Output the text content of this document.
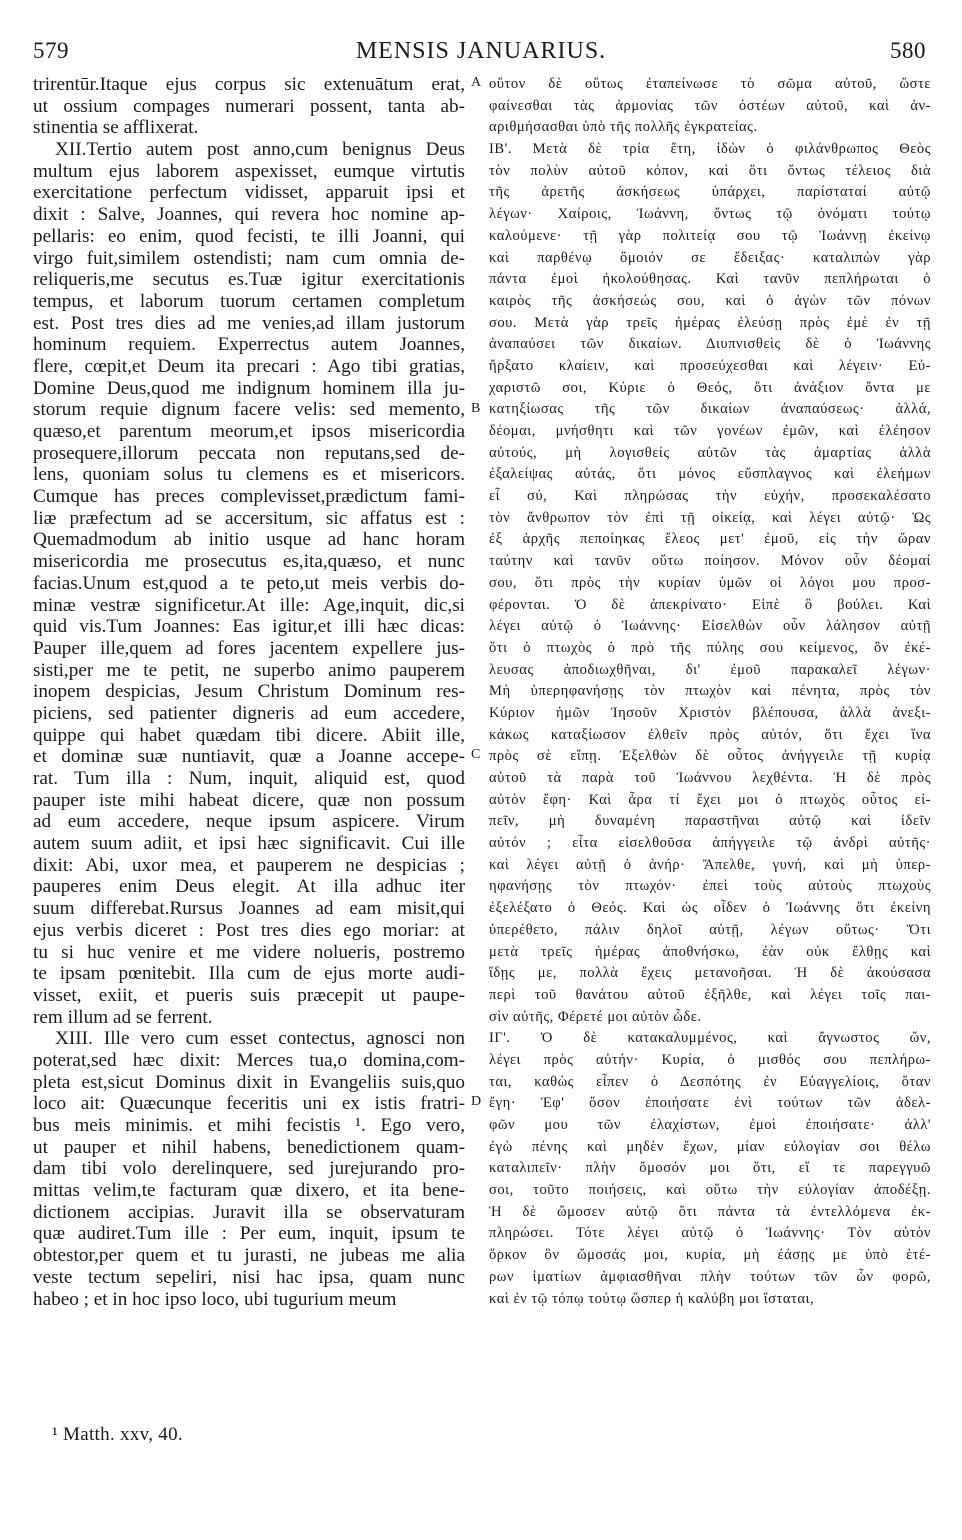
579	MENSIS JANUARIUS.	580
trirentūr.Itaque ejus corpus sic extenuātum erat,
ut ossium compages numerari possent, tanta ab-
stinentia se afflixerat.
XII.Tertio autem post anno,cum benignus Deus
multum ejus laborem aspexisset, eumque virtutis
exercitatione perfectum vidisset, apparuit ipsi et
dixit : Salve, Joannes, qui revera hoc nomine ap-
pellaris: eo enim, quod fecisti, te illi Joanni, qui
virgo fuit,similem ostendisti; nam cum omnia de-
reliqueris,me secutus es.Tuæ igitur exercitationis
tempus, et laborum tuorum certamen completum
est. Post tres dies ad me venies,ad illam justorum
hominum requiem. Experrectus autem Joannes,
flere, cœpit,et Deum ita precari : Ago tibi gratias,
Domine Deus,quod me indignum hominem illa ju-
storum requie dignum facere velis: sed memento,
quæso,et parentum meorum,et ipsos misericordia
prosequere,illorum peccata non reputans,sed de-
lens, quoniam solus tu clemens es et misericors.
Cumque has preces complevisset,prædictum fami-
liæ præfectum ad se accersitum, sic affatus est :
Quemadmodum ab initio usque ad hanc horam
misericordia me prosecutus es,ita,quæso, et nunc
facias.Unum est,quod a te peto,ut meis verbis do-
minæ vestræ significetur.At ille: Age,inquit, dic,si
quid vis.Tum Joannes: Eas igitur,et illi hæc dicas:
Pauper ille,quem ad fores jacentem expellere jus-
sisti,per me te petit, ne superbo animo pauperem
inopem despicias, Jesum Christum Dominum res-
piciens, sed patienter digneris ad eum accedere,
quippe qui habet quædam tibi dicere. Abiit ille,
et dominæ suæ nuntiavit, quæ a Joanne accepe-
rat. Tum illa : Num, inquit, aliquid est, quod
pauper iste mihi habeat dicere, quæ non possum
ad eum accedere, neque ipsum aspicere. Virum
autem suum adiit, et ipsi hæc significavit. Cui ille
dixit: Abi, uxor mea, et pauperem ne despicias ;
pauperes enim Deus elegit. At illa adhuc iter
suum differebat.Rursus Joannes ad eam misit,qui
ejus verbis diceret : Post tres dies ego moriar: at
tu si huc venire et me videre nolueris, postremo
te ipsam pœnitebit. Illa cum de ejus morte audi-
visset, exiit, et pueris suis præcepit ut paupe-
rem illum ad se ferrent.
XIII. Ille vero cum esset contectus, agnosci non
poterat,sed hæc dixit: Merces tua,o domina,com-
pleta est,sicut Dominus dixit in Evangeliis suis,quo
loco ait: Quæcunque feceritis uni ex istis fratri-
bus meis minimis. et mihi fecistis ¹. Ego vero,
ut pauper et nihil habens, benedictionem quam-
dam tibi volo derelinquere, sed jurejurando pro-
mittas velim,te facturam quæ dixero, et ita bene-
dictionem accipias. Juravit illa se observaturam
quæ audiret.Tum ille : Per eum, inquit, ipsum te
obtestor,per quem et tu jurasti, ne jubeas me alia
veste tectum sepeliri, nisi hac ipsa, quam nunc
habeo ; et in hoc ipso loco, ubi tugurium meum
A
B
C
D
οὕτον δὲ οὕτως ἐταπείνωσε τὸ σῶμα αὐτοῦ, ὥστε
φαίνεσθαι τὰς ἁρμονίας τῶν ὀστέων αὐτοῦ, καὶ ἀν-
αριθμήσασθαι ὑπὸ τῆς πολλῆς ἐγκρατείας.
ΙΒ'. Μετὰ δὲ τρία ἔτη, ἰδὼν ὁ φιλάνθρωπος Θεὸς
τὸν πολὺν αὐτοῦ κόπον, καὶ ὅτι ὄντως τέλειος διὰ
τῆς ἀρετῆς ἀσκήσεως ὑπάρχει, παρίσταταί αὐτῷ
λέγων· Χαίροις, Ἰωάννη, ὄντως τῷ ὀνόματι τούτῳ
καλούμενε· τῇ γὰρ πολιτείᾳ σου τῷ Ἰωάννῃ ἐκείνῳ
καὶ παρθένῳ ὅμοιόν σε ἔδειξας· καταλιπὼν γὰρ
πάντα ἐμοὶ ἠκολούθησας. Καὶ τανῦν πεπλήρωται ὁ
καιρὸς τῆς ἀσκήσεώς σου, καὶ ὁ ἀγὼν τῶν πόνων
σου. Μετὰ γὰρ τρεῖς ἡμέρας ἐλεύσῃ πρὸς ἐμὲ ἐν τῇ
ἀναπαύσει τῶν δικαίων. Διυπνισθεὶς δὲ ὁ Ἰωάννης
ἤρξατο κλαίειν, καὶ προσεύχεσθαι καὶ λέγειν· Εὐ-
χαριστῶ σοι, Κύριε ὁ Θεός, ὅτι ἀνάξιον ὄντα με
κατηξίωσας τῆς τῶν δικαίων ἀναπαύσεως· ἀλλά,
δέομαι, μνήσθητι καὶ τῶν γονέων ἐμῶν, καὶ ἐλέησον
αὐτούς, μὴ λογισθείς αὐτῶν τὰς ἁμαρτίας ἀλλὰ
ἐξαλείψας αὐτάς, ὅτι μόνος εὔσπλαγνος καὶ ἐλεήμων
εἶ σύ, Καὶ πληρώσας τὴν εὐχήν, προσεκαλέσατο
τὸν ἄνθρωπον τὸν ἐπὶ τῇ οἰκείᾳ, καὶ λέγει αὐτῷ· Ὡς
ἐξ ἀρχῆς πεποίηκας ἔλεος μετ' ἐμοῦ, εἰς τὴν ὥραν
ταύτην καὶ τανῦν οὕτω ποίησον. Μόνον οὖν δέομαί
σου, ὅτι πρὸς τὴν κυρίαν ὑμῶν οἱ λόγοι μου προσ-
φέρονται. Ὁ δὲ ἀπεκρίνατο· Εἰπὲ ὃ βούλει. Καὶ
λέγει αὐτῷ ὁ Ἰωάννης· Εἰσελθὼν οὖν λάλησον αὐτῇ
ὅτι ὁ πτωχὸς ὁ πρὸ τῆς πύλης σου κείμενος, ὃν ἐκέ-
λευσας ἀποδιωχθῆναι, δι' ἐμοῦ παρακαλεῖ λέγων·
Μὴ ὑπερηφανήσῃς τὸν πτωχὸν καὶ πένητα, πρὸς τὸν
Κύριον ἡμῶν Ἰησοῦν Χριστὸν βλέπουσα, ἀλλὰ ἀνεξι-
κάκως καταξίωσον ἐλθεῖν πρὸς αὐτόν, ὅτι ἔχει ἵνα
πρὸς σὲ εἴπῃ. Ἐξελθὼν δὲ οὗτος ἀνήγγειλε τῇ κυρίᾳ
αὐτοῦ τὰ παρὰ τοῦ Ἰωάννου λεχθέντα. Ἡ δὲ πρὸς
αὐτὸν ἔφη· Καὶ ἆρα τί ἔχει μοι ὁ πτωχὸς οὗτος εἰ-
πεῖν, μὴ δυναμένη παραστῆναι αὐτῷ καὶ ἰδεῖν
αὐτόν ; εἶτα εἰσελθοῦσα ἀπήγγειλε τῷ ἀνδρὶ αὐτῆς·
καὶ λέγει αὐτῇ ὁ ἀνήρ· Ἄπελθε, γυνή, καὶ μὴ ὑπερ-
ηφανήσῃς τὸν πτωχόν· ἐπεὶ τοὺς αὐτοὺς πτωχοὺς
ἐξελέξατο ὁ Θεός. Καὶ ὡς οἶδεν ὁ Ἰωάννης ὅτι ἐκείνη
ὑπερέθετο, πάλιν δηλοῖ αὐτῇ, λέγων οὕτως· Ὅτι
μετὰ τρεῖς ἡμέρας ἀποθνήσκω, ἐὰν οὐκ ἔλθῃς καὶ
ἴδῃς με, πολλὰ ἔχεις μετανοῆσαι. Ἡ δὲ ἀκούσασα
περὶ τοῦ θανάτου αὐτοῦ ἐξῆλθε, καὶ λέγει τοῖς παι-
σὶν αὐτῆς, Φέρετέ μοι αὐτὸν ὧδε.
ΙΓ'. Ὁ δὲ κατακαλυμμένος, καὶ ἄγνωστος ὤν,
λέγει πρὸς αὐτήν· Κυρία, ὁ μισθός σου πεπλήρω-
ται, καθὼς εἶπεν ὁ Δεσπότης ἐν Εὐαγγελίοις, ὅταν
ἔγη· Ἐφ' ὅσον ἐποιήσατε ἑνὶ τούτων τῶν ἀδελ-
φῶν μου τῶν ἐλαχίστων, ἐμοὶ ἐποιήσατε· ἀλλ'
ἐγὼ πένης καὶ μηδὲν ἔχων, μίαν εὐλογίαν σοι θέλω
καταλιπεῖν· πλὴν ὄμοσόν μοι ὅτι, εἴ τε παρεγγυῶ
σοι, τοῦτο ποιήσεις, καὶ οὕτω τὴν εὐλογίαν ἀποδέξῃ.
Ἡ δὲ ὤμοσεν αὐτῷ ὅτι πάντα τὰ ἐντελλόμενα ἐκ-
πληρώσει. Τότε λέγει αὐτῷ ὁ Ἰωάννης· Τὸν αὐτὸν
ὅρκον ὃν ὤμοσάς μοι, κυρία, μὴ ἐάσῃς με ὑπὸ ἑτέ-
ρων ἱματίων ἀμφιασθῆναι πλὴν τούτων τῶν ὧν φορῶ,
καὶ ἐν τῷ τόπῳ τούτῳ ὥσπερ ἡ καλύβη μοι ἵσταται,
¹ Matth. xxv, 40.
